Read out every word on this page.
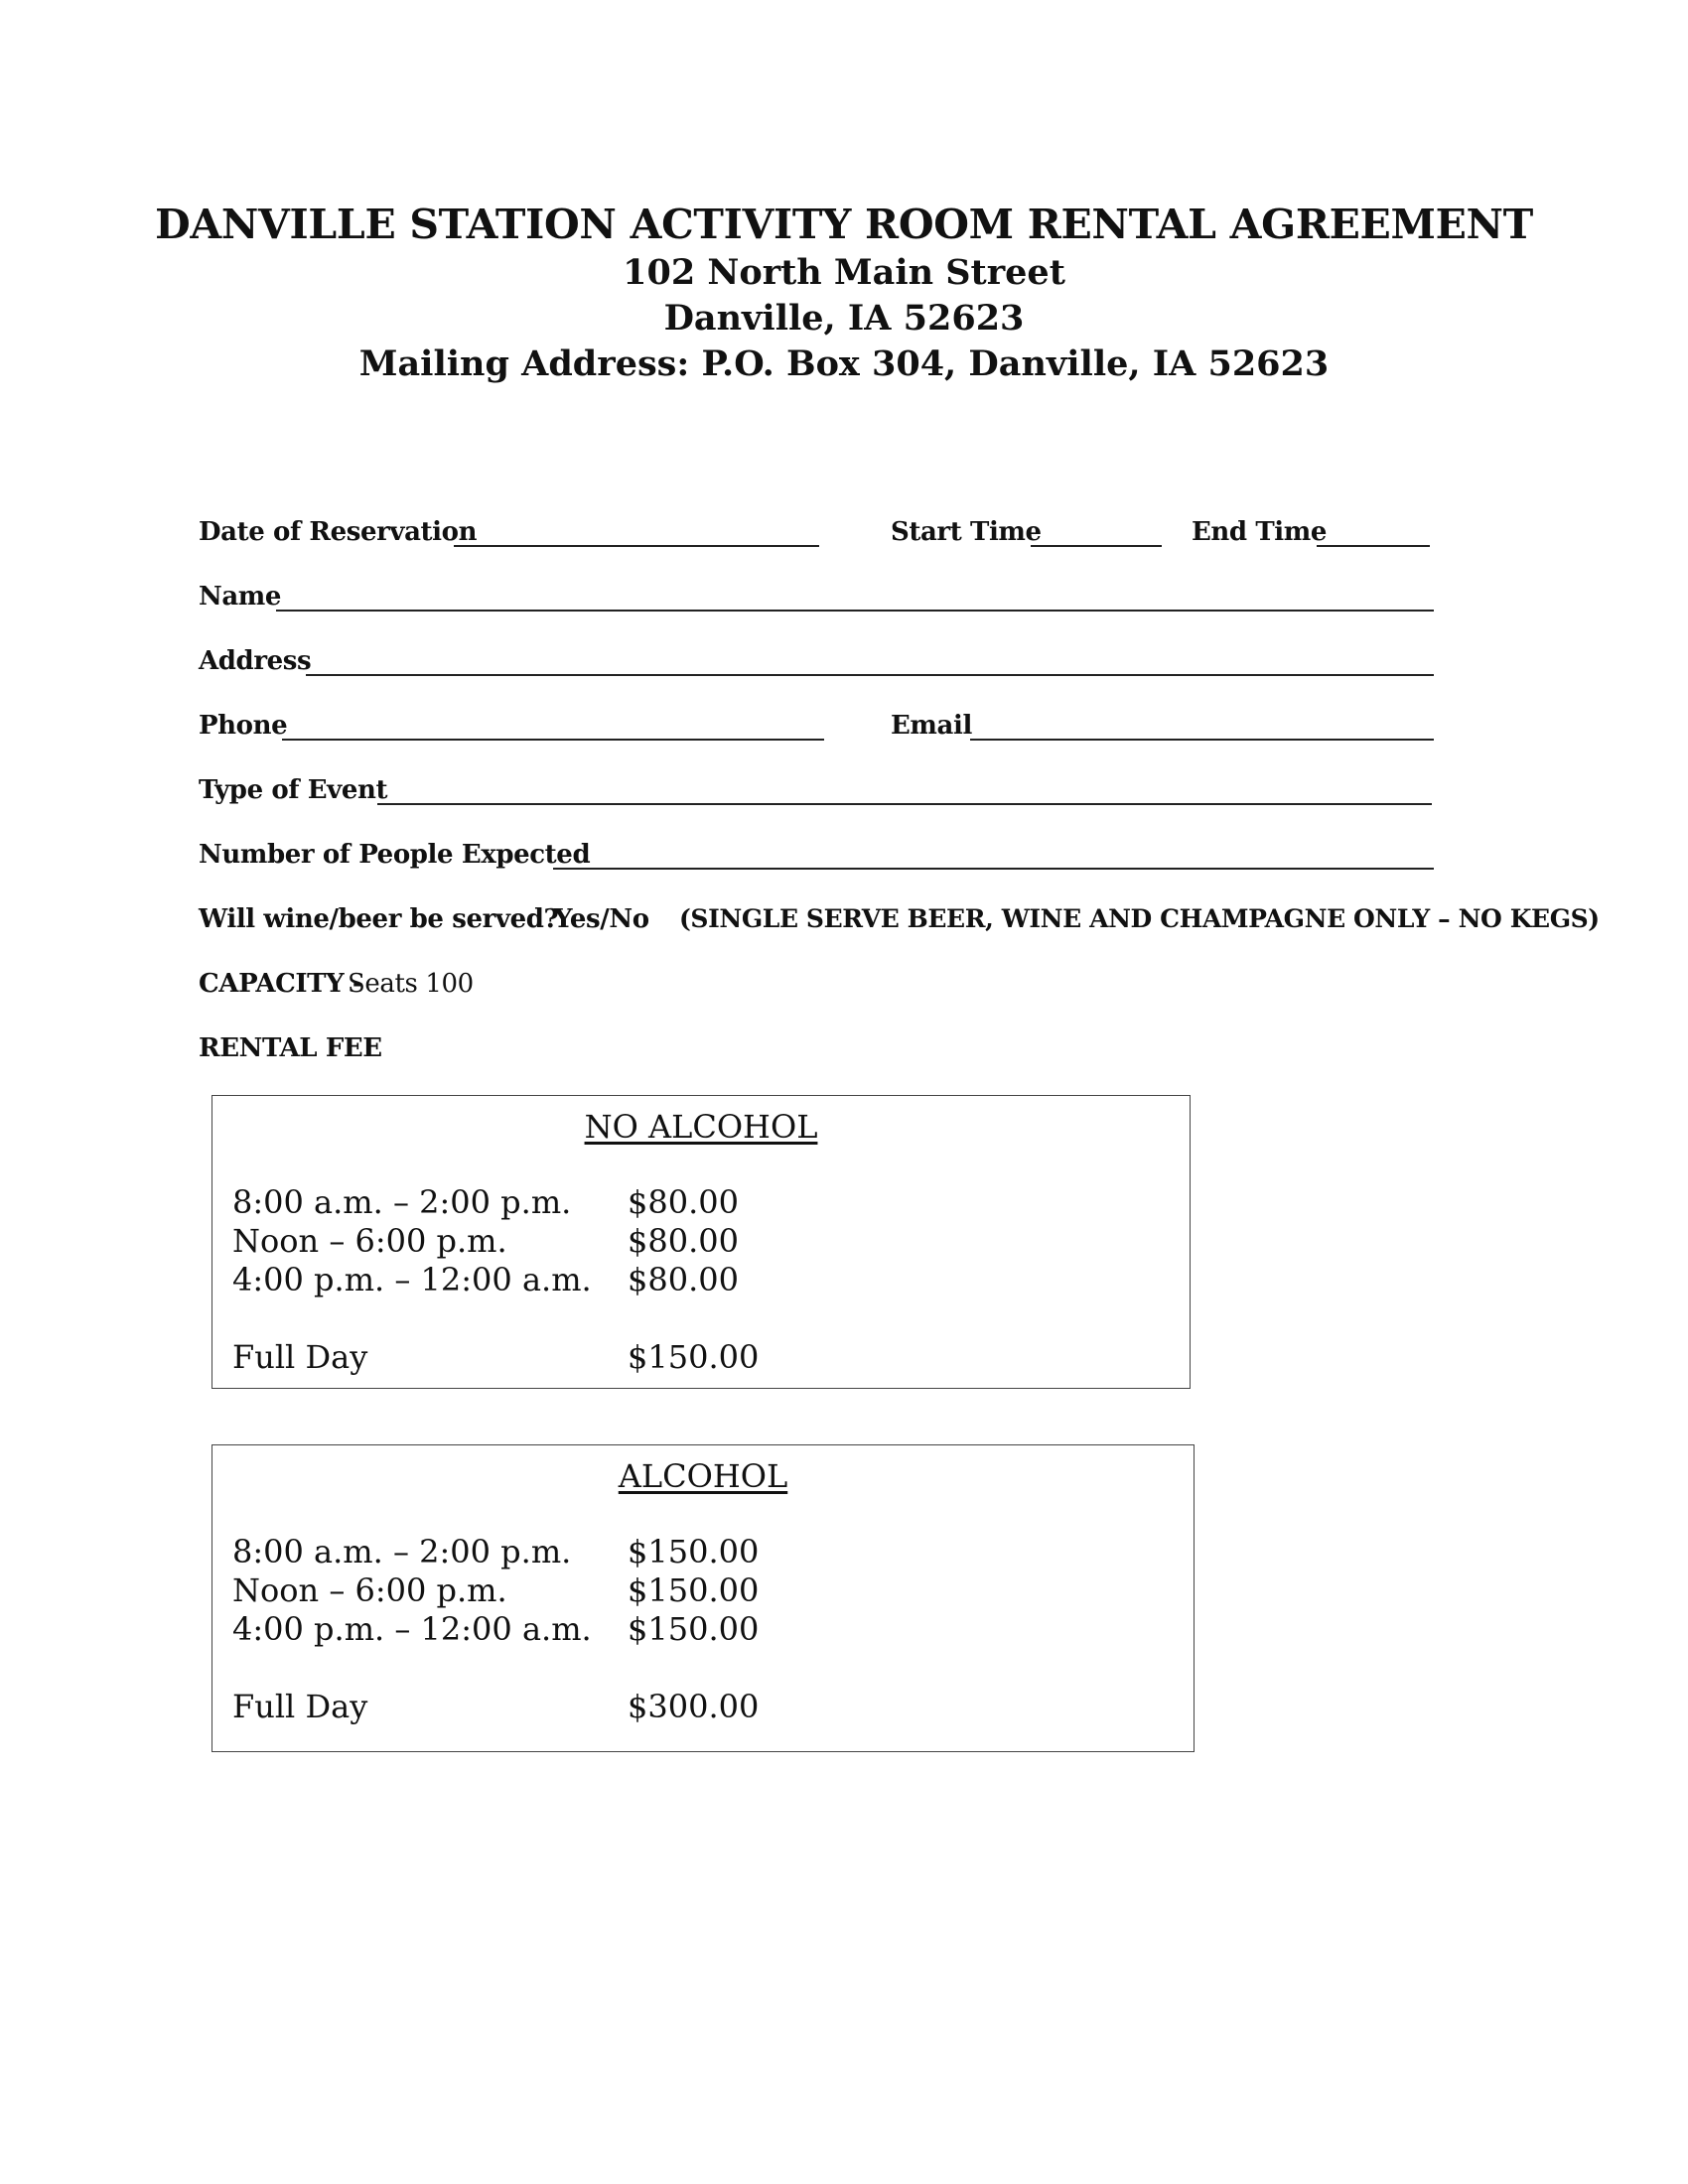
DANVILLE STATION ACTIVITY ROOM RENTAL AGREEMENT
102 North Main Street
Danville, IA 52623
Mailing Address: P.O. Box 304, Danville, IA 52623
Date of Reservation	Start Time	End Time
Name
Address
Phone	Email
Type of Event
Number of People Expected
Will wine/beer be served?
Yes/No (SINGLE SERVE BEER, WINE AND CHAMPAGNE ONLY – NO KEGS)
CAPACITY -
Seats 100
RENTAL FEE
NO ALCOHOL
8:00 a.m. – 2:00 p.m. $80.00
Noon – 6:00 p.m.	$80.00
4:00 p.m. – 12:00 a.m. $80.00
Full Day	$150.00
ALCOHOL
8:00 a.m. – 2:00 p.m. $150.00
Noon – 6:00 p.m.	$150.00
4:00 p.m. – 12:00 a.m. $150.00
Full Day	$300.00
